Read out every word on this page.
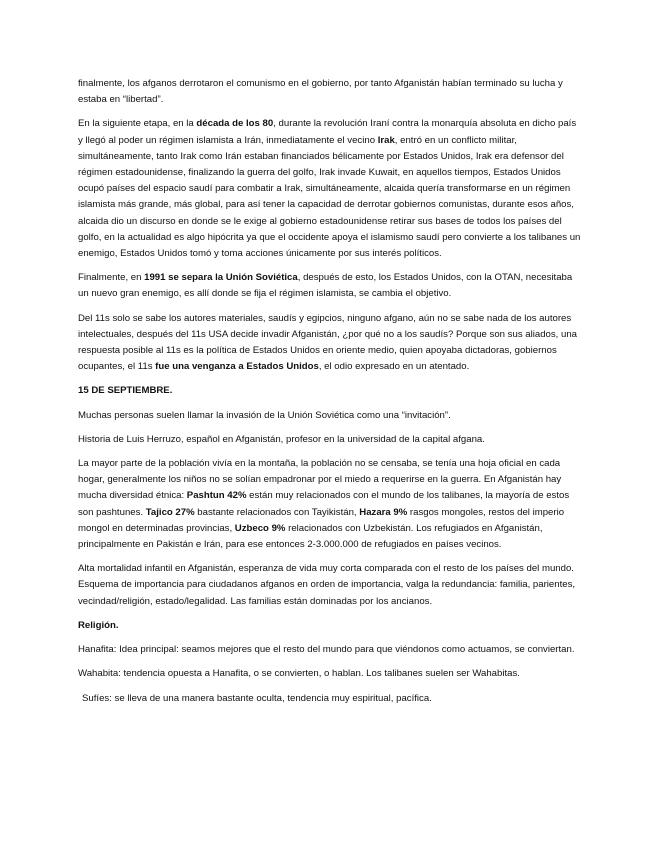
finalmente, los afganos derrotaron el comunismo en el gobierno, por tanto Afganistán habían terminado su lucha y estaba en “libertad”.

En la siguiente etapa, en la década de los 80, durante la revolución Iraní contra la monarquía absoluta en dicho país y llegó al poder un régimen islamista a Irán, inmediatamente el vecino Irak, entró en un conflicto militar, simultáneamente, tanto Irak como Irán estaban financiados bélicamente por Estados Unidos, Irak era defensor del régimen estadounidense, finalizando la guerra del golfo, Irak invade Kuwait, en aquellos tiempos, Estados Unidos ocupó países del espacio saudí para combatir a Irak, simultáneamente, alcaida quería transformarse en un régimen islamista más grande, más global, para así tener la capacidad de derrotar gobiernos comunistas, durante esos años, alcaida dio un discurso en donde se le exige al gobierno estadounidense retirar sus bases de todos los países del golfo, en la actualidad es algo hipócrita ya que el occidente apoya el islamismo saudí pero convierte a los talibanes un enemigo, Estados Unidos tomó y toma acciones únicamente por sus interés políticos.

Finalmente, en 1991 se separa la Unión Soviética, después de esto, los Estados Unidos, con la OTAN, necesitaba un nuevo gran enemigo, es allí donde se fija el régimen islamista, se cambia el objetivo.

Del 11s solo se sabe los autores materiales, saudís y egipcios, ninguno afgano, aún no se sabe nada de los autores intelectuales, después del 11s USA decide invadir Afganistán, ¿por qué no a los saudís? Porque son sus aliados, una respuesta posible al 11s es la política de Estados Unidos en oriente medio, quien apoyaba dictadoras, gobiernos ocupantes, el 11s fue una venganza a Estados Unidos, el odio expresado en un atentado.

15 DE SEPTIEMBRE.

Muchas personas suelen llamar la invasión de la Unión Soviética como una “invitación”.

Historia de Luis Herruzo, español en Afganistán, profesor en la universidad de la capital afgana.

La mayor parte de la población vivía en la montaña, la población no se censaba, se tenía una hoja oficial en cada hogar, generalmente los niños no se solían empadronar por el miedo a requerirse en la guerra. En Afganistán hay mucha diversidad étnica: Pashtun 42% están muy relacionados con el mundo de los talibanes, la mayoría de estos son pashtunes. Tajico 27% bastante relacionados con Tayikistán, Hazara 9% rasgos mongoles, restos del imperio mongol en determinadas provincias, Uzbeco 9% relacionados con Uzbekistán. Los refugiados en Afganistán, principalmente en Pakistán e Irán, para ese entonces 2-3.000.000 de refugiados en países vecinos.

Alta mortalidad infantil en Afganistán, esperanza de vida muy corta comparada con el resto de los países del mundo. Esquema de importancia para ciudadanos afganos en orden de importancia, valga la redundancia: familia, parientes, vecindad/religión, estado/legalidad. Las familias están dominadas por los ancianos.

Religión.

Hanafita: Idea principal: seamos mejores que el resto del mundo para que viéndonos como actuamos, se conviertan.

Wahabita: tendencia opuesta a Hanafita, o se convierten, o hablan. Los talibanes suelen ser Wahabitas.

Sufíes: se lleva de una manera bastante oculta, tendencia muy espiritual, pacífica.
